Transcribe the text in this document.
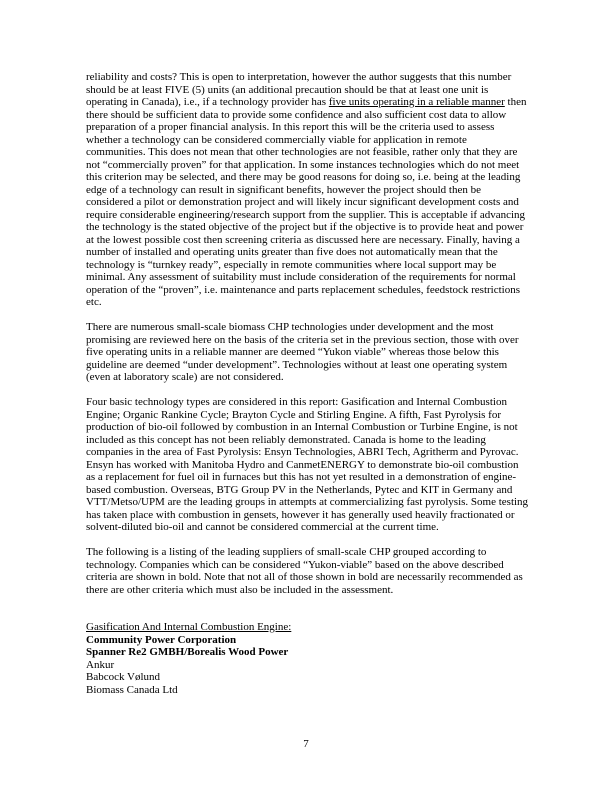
reliability and costs? This is open to interpretation, however the author suggests that this number should be at least FIVE (5) units (an additional precaution should be that at least one unit is operating in Canada), i.e., if a technology provider has five units operating in a reliable manner then there should be sufficient data to provide some confidence and also sufficient cost data to allow preparation of a proper financial analysis. In this report this will be the criteria used to assess whether a technology can be considered commercially viable for application in remote communities. This does not mean that other technologies are not feasible, rather only that they are not “commercially proven” for that application. In some instances technologies which do not meet this criterion may be selected, and there may be good reasons for doing so, i.e. being at the leading edge of a technology can result in significant benefits, however the project should then be considered a pilot or demonstration project and will likely incur significant development costs and require considerable engineering/research support from the supplier. This is acceptable if advancing the technology is the stated objective of the project but if the objective is to provide heat and power at the lowest possible cost then screening criteria as discussed here are necessary. Finally, having a number of installed and operating units greater than five does not automatically mean that the technology is “turnkey ready”, especially in remote communities where local support may be minimal. Any assessment of suitability must include consideration of the requirements for normal operation of the “proven”, i.e. maintenance and parts replacement schedules, feedstock restrictions etc.

There are numerous small-scale biomass CHP technologies under development and the most promising are reviewed here on the basis of the criteria set in the previous section, those with over five operating units in a reliable manner are deemed “Yukon viable” whereas those below this guideline are deemed “under development”. Technologies without at least one operating system (even at laboratory scale) are not considered.

Four basic technology types are considered in this report: Gasification and Internal Combustion Engine; Organic Rankine Cycle; Brayton Cycle and Stirling Engine. A fifth, Fast Pyrolysis for production of bio-oil followed by combustion in an Internal Combustion or Turbine Engine, is not included as this concept has not been reliably demonstrated. Canada is home to the leading companies in the area of Fast Pyrolysis: Ensyn Technologies, ABRI Tech, Agritherm and Pyrovac. Ensyn has worked with Manitoba Hydro and CanmetENERGY to demonstrate bio-oil combustion as a replacement for fuel oil in furnaces but this has not yet resulted in a demonstration of engine-based combustion. Overseas, BTG Group PV in the Netherlands, Pytec and KIT in Germany and VTT/Metso/UPM are the leading groups in attempts at commercializing fast pyrolysis. Some testing has taken place with combustion in gensets, however it has generally used heavily fractionated or solvent-diluted bio-oil and cannot be considered commercial at the current time.

The following is a listing of the leading suppliers of small-scale CHP grouped according to technology. Companies which can be considered “Yukon-viable” based on the above described criteria are shown in bold. Note that not all of those shown in bold are necessarily recommended as there are other criteria which must also be included in the assessment.

Gasification And Internal Combustion Engine:
Community Power Corporation
Spanner Re2 GMBH/Borealis Wood Power
Ankur
Babcock Vølund
Biomass Canada Ltd
7
